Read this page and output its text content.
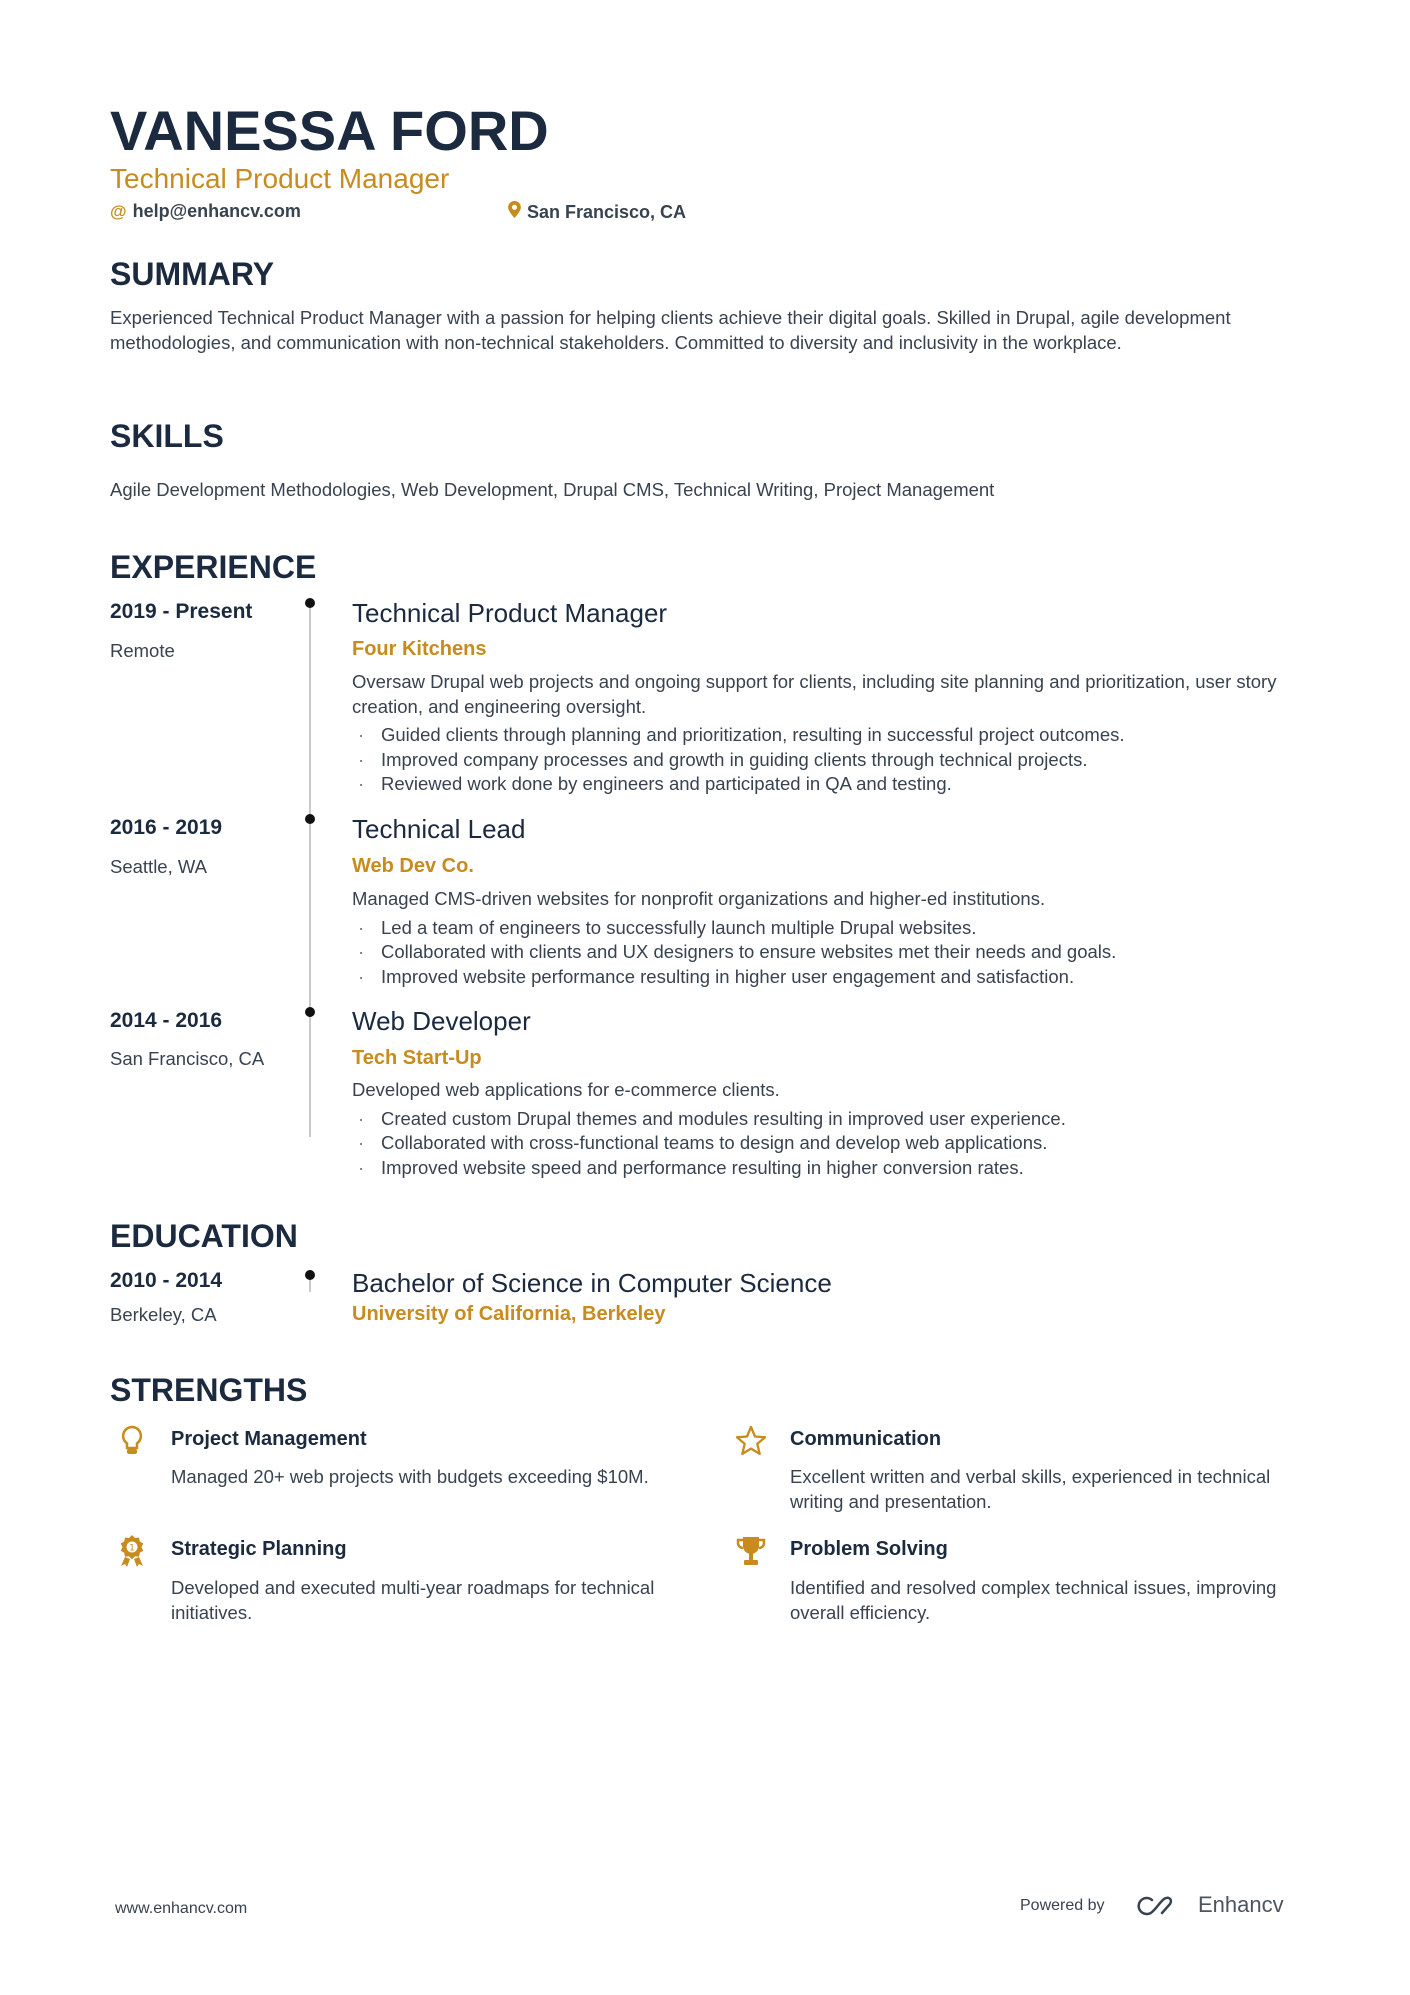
VANESSA FORD
Technical Product Manager
@ help@enhancv.com	San Francisco, CA
SUMMARY
Experienced Technical Product Manager with a passion for helping clients achieve their digital goals. Skilled in Drupal, agile development methodologies, and communication with non-technical stakeholders. Committed to diversity and inclusivity in the workplace.
SKILLS
Agile Development Methodologies, Web Development, Drupal CMS, Technical Writing, Project Management
EXPERIENCE
2019 - Present
Remote
Technical Product Manager
Four Kitchens
Oversaw Drupal web projects and ongoing support for clients, including site planning and prioritization, user story creation, and engineering oversight.
· Guided clients through planning and prioritization, resulting in successful project outcomes.
· Improved company processes and growth in guiding clients through technical projects.
· Reviewed work done by engineers and participated in QA and testing.
2016 - 2019
Seattle, WA
Technical Lead
Web Dev Co.
Managed CMS-driven websites for nonprofit organizations and higher-ed institutions.
· Led a team of engineers to successfully launch multiple Drupal websites.
· Collaborated with clients and UX designers to ensure websites met their needs and goals.
· Improved website performance resulting in higher user engagement and satisfaction.
2014 - 2016
San Francisco, CA
Web Developer
Tech Start-Up
Developed web applications for e-commerce clients.
· Created custom Drupal themes and modules resulting in improved user experience.
· Collaborated with cross-functional teams to design and develop web applications.
· Improved website speed and performance resulting in higher conversion rates.
EDUCATION
2010 - 2014
Berkeley, CA
Bachelor of Science in Computer Science
University of California, Berkeley
STRENGTHS
Project Management
Managed 20+ web projects with budgets exceeding $10M.
Communication
Excellent written and verbal skills, experienced in technical writing and presentation.
1 Strategic Planning
Developed and executed multi-year roadmaps for technical initiatives.
Problem Solving
Identified and resolved complex technical issues, improving overall efficiency.
www.enhancv.com	Powered by	Enhancv
